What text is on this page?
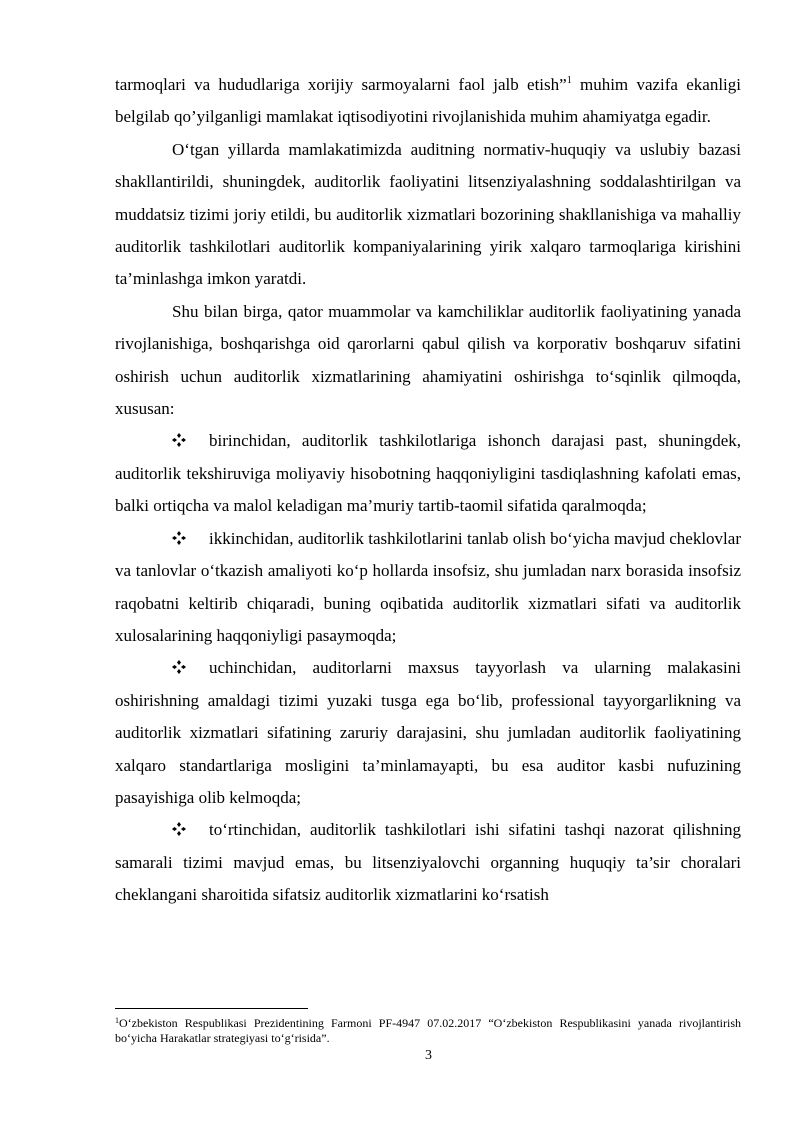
tarmoqlari va hududlariga xorijiy sarmoyalarni faol jalb etish”$^1$ muhim vazifa ekanligi belgilab qo’yilganligi mamlakat iqtisodiyotini rivojlanishida muhim ahamiyatga egadir.

O‘tgan yillarda mamlakatimizda auditning normativ-huquqiy va uslubiy bazasi shakllantirildi, shuningdek, auditorlik faoliyatini litsenziyalashning soddalashtirilgan va muddatsiz tizimi joriy etildi, bu auditorlik xizmatlari bozorining shakllanishiga va mahalliy auditorlik tashkilotlari auditorlik kompaniyalarining yirik xalqaro tarmoqlariga kirishini ta’minlashga imkon yaratdi.

Shu bilan birga, qator muammolar va kamchiliklar auditorlik faoliyatining yanada rivojlanishiga, boshqarishga oid qarorlarni qabul qilish va korporativ boshqaruv sifatini oshirish uchun auditorlik xizmatlarining ahamiyatini oshirishga to‘sqinlik qilmoqda, xususan:

birinchidan, auditorlik tashkilotlariga ishonch darajasi past, shuningdek, auditorlik tekshiruviga moliyaviy hisobotning haqqoniyligini tasdiqlashning kafolati emas, balki ortiqcha va malol keladigan ma’muriy tartib-taomil sifatida qaralmoqda;

ikkinchidan, auditorlik tashkilotlarini tanlab olish bo‘yicha mavjud cheklovlar va tanlovlar o‘tkazish amaliyoti ko‘p hollarda insofsiz, shu jumladan narx borasida insofsiz raqobatni keltirib chiqaradi, buning oqibatida auditorlik xizmatlari sifati va auditorlik xulosalarining haqqoniyligi pasaymoqda;

uchinchidan, auditorlarni maxsus tayyorlash va ularning malakasini oshirishning amaldagi tizimi yuzaki tusga ega bo‘lib, professional tayyorgarlikning va auditorlik xizmatlari sifatining zaruriy darajasini, shu jumladan auditorlik faoliyatining xalqaro standartlariga mosligini ta’minlamayapti, bu esa auditor kasbi nufuzining pasayishiga olib kelmoqda;

to‘rtinchidan, auditorlik tashkilotlari ishi sifatini tashqi nazorat qilishning samarali tizimi mavjud emas, bu litsenziyalovchi organning huquqiy ta’sir choralari cheklangani sharoitida sifatsiz auditorlik xizmatlarini ko‘rsatish

$^1$O‘zbekiston Respublikasi Prezidentining Farmoni PF-4947 07.02.2017 “O‘zbekiston Respublikasini yanada rivojlantirish bo‘yicha Harakatlar strategiyasi to‘g‘risida”.
3
